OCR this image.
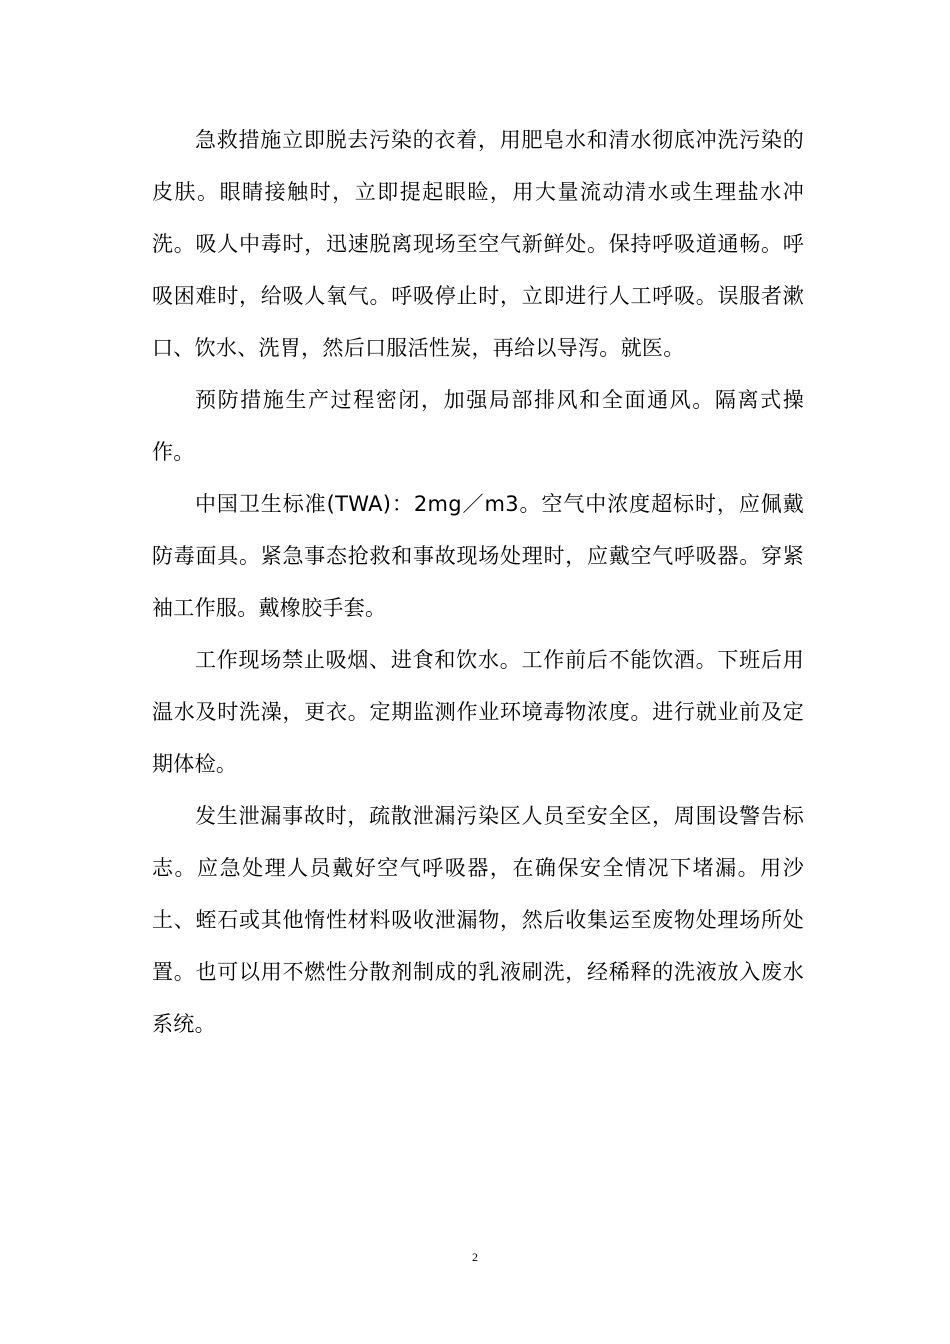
急救措施立即脱去污染的衣着，用肥皂水和清水彻底冲洗污染的皮肤。眼睛接触时，立即提起眼睑，用大量流动清水或生理盐水冲洗。吸人中毒时，迅速脱离现场至空气新鲜处。保持呼吸道通畅。呼吸困难时，给吸人氧气。呼吸停止时，立即进行人工呼吸。误服者漱口、饮水、洗胃，然后口服活性炭，再给以导泻。就医。

预防措施生产过程密闭，加强局部排风和全面通风。隔离式操作。

中国卫生标准(TWA)：2mg／m3。空气中浓度超标时，应佩戴防毒面具。紧急事态抢救和事故现场处理时，应戴空气呼吸器。穿紧袖工作服。戴橡胶手套。

工作现场禁止吸烟、进食和饮水。工作前后不能饮酒。下班后用温水及时洗澡，更衣。定期监测作业环境毒物浓度。进行就业前及定期体检。

发生泄漏事故时，疏散泄漏污染区人员至安全区，周围设警告标志。应急处理人员戴好空气呼吸器，在确保安全情况下堵漏。用沙土、蛭石或其他惰性材料吸收泄漏物，然后收集运至废物处理场所处置。也可以用不燃性分散剂制成的乳液刷洗，经稀释的洗液放入废水系统。

2
